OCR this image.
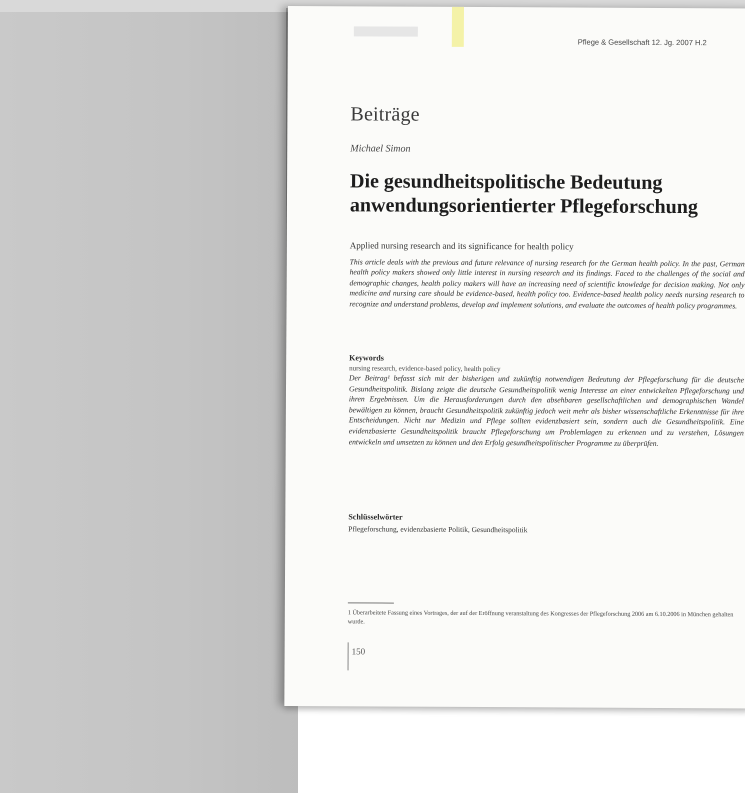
Pflege & Gesellschaft 12. Jg. 2007 H.2
Beiträge
Michael Simon
Die gesundheitspolitische Bedeutung
anwendungsorientierter Pflegeforschung
Applied nursing research and its significance for health policy

This article deals with the previous and future relevance of nursing research for the German health policy. In the past, German health policy makers showed only little interest in nursing research and its findings. Faced to the challenges of the social and demographic changes, health policy makers will have an increasing need of scientific knowledge for decision making. Not only medicine and nursing care should be evidence-based, health policy too. Evidence-based health policy needs nursing research to recognize and understand problems, develop and implement solutions, and evaluate the outcomes of health policy programmes.

Keywords
nursing research, evidence-based policy, health policy

Der Beitrag¹ befasst sich mit der bisherigen und zukünftig notwendigen Bedeutung der Pflegeforschung für die deutsche Gesundheitspolitik. Bislang zeigte die deutsche Gesundheitspolitik wenig Interesse an einer entwickelten Pflegeforschung und ihren Ergebnissen. Um die Herausforderungen durch den absehbaren gesellschaftlichen und demographischen Wandel bewältigen zu können, braucht Gesundheitspolitik zukünftig jedoch weit mehr als bisher wissenschaftliche Erkenntnisse für ihre Entscheidungen. Nicht nur Medizin und Pflege sollten evidenzbasiert sein, sondern auch die Gesundheitspolitik. Eine evidenzbasierte Gesundheitspolitik braucht Pflegeforschung um Problemlagen zu erkennen und zu verstehen, Lösungen entwickeln und umsetzen zu können und den Erfolg gesundheitspolitischer Programme zu überprüfen.

Schlüsselwörter
Pflegeforschung, evidenzbasierte Politik, Gesundheitspolitik

1 Überarbeitete Fassung eines Vortrages, der auf der Eröffnung veranstaltung des Kongresses der Pflegeforschung 2006 am 6.10.2006 in München gehalten wurde.

150
